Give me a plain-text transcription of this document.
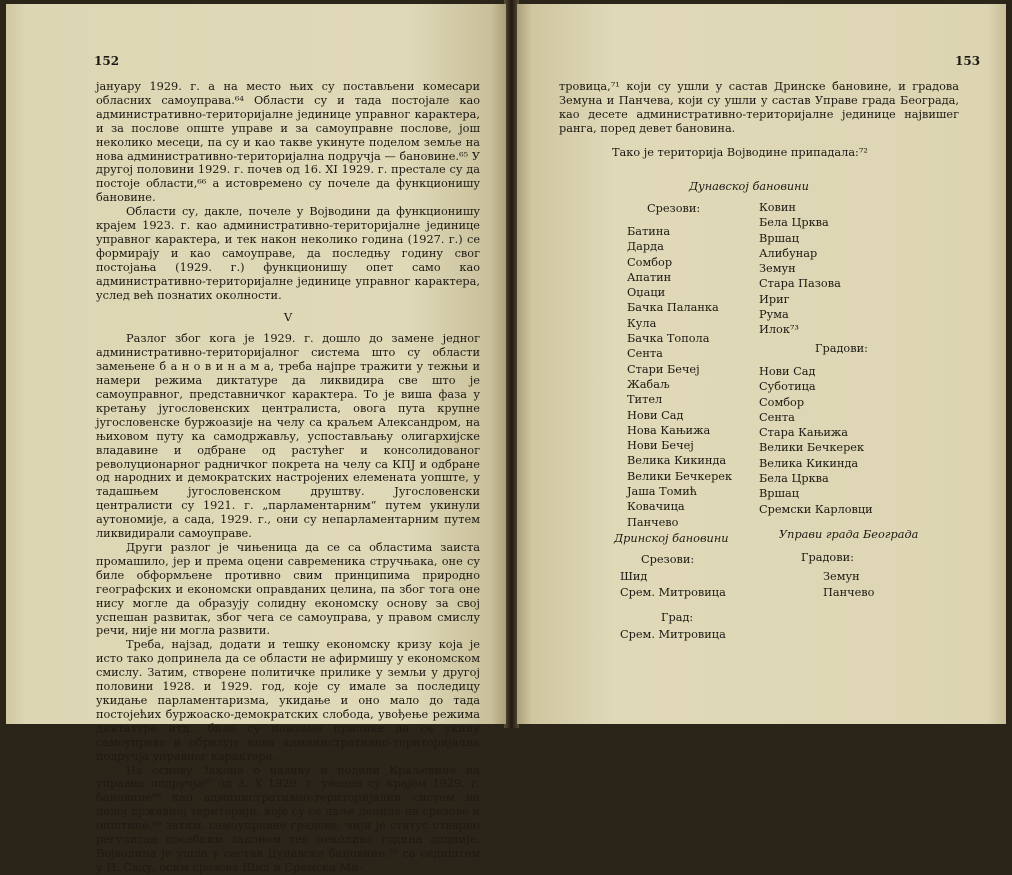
152

јануару 1929. г. а на место њих су постављени комесари обласних самоуправа.⁶⁴ Области су и тада постојале као административно-територијалне јединице управног карактера, и за послове опште управе и за самоуправне послове, још неколико месеци, па су и као такве укинуте поделом земље на нова административно-територијална подручја — бановине.⁶⁵ У другој половини 1929. г. почев од 16. XI 1929. г. престале су да постоје области,⁶⁶ а истовремено су почеле да функционишу бановине.

Области су, дакле, почеле у Војводини да функционишу крајем 1923. г. као административно-територијалне јединице управног карактера, и тек након неколико година (1927. г.) се формирају и као самоуправе, да последњу годину свог постојања (1929. г.) функционишу опет само као административно-територијалне јединице управног карактера, услед већ познатих околности.

V

Разлог због кога је 1929. г. дошло до замене једног административно-територијалног система што су области замењене б а н о в и н а м а, треба најпре тражити у тежњи и намери режима диктатуре да ликвидира све што је самоуправног, представничког карактера. То је виша фаза у кретању југословенских централиста, овога пута крупне југословенске буржоазије на челу са краљем Александром, на њиховом путу ка самодржављу, успостављању олигархијске владавине и одбране од растућег и консолидованог револуционарног радничког покрета на челу са КПЈ и одбране од народних и демократских настројених елемената уопште, у тадашњем југословенском друштву. Југословенски централисти су 1921. г. „парламентарним“ путем укинули аутономије, а сада, 1929. г., они су непарламентарним путем ликвидирали самоуправе.

Други разлог је чињеница да се са областима заиста промашило, јер и према оцени савременика стручњака, оне су биле обформљене противно свим принципима природно географских и економски оправданих целина, па због тога оне нису могле да образују солидну економску основу за свој успешан развитак, због чега се самоуправа, у правом смислу речи, није ни могла развити.

Треба, најзад, додати и тешку економску кризу која је исто тако допринела да се области не афирмишу у економском смислу. Затим, створене политичке прилике у земљи у другој половини 1928. и 1929. год, које су имале за последицу укидање парламентаризма, укидање и оно мало до тада постојећих буржоаско-демократских слобода, увођење режима диктатуре итд., биле су повољне прилике да се укину самоуправе и образују нова административно-територијална подручја управног карактера.

На основу Закона о називу и подели Краљевине на управна подручја⁶⁷ од 3. X 1929. г. уведен су крајем 1929. г. бановине⁶⁸ као административно-територијални систем на целој државној територији, које су се даље делиле на срезове и општине,⁶⁹ затим, самоуправне градове, чији је статус стварно регулисан посебним законом тек неколико година доцније. Војводина је ушла у састав Дунавске бановине,⁷⁰ са седиштем у Н. Саду, осим срезова Шид и Сремска Ми-

153

тровица,⁷¹ који су ушли у састав Дринске бановине, и градова Земуна и Панчева, који су ушли у састав Управе града Београда, као десете административно-територијалне јединице највишег ранга, поред девет бановина.

Тако је територија Војводине припадала:⁷²
Дунавској бановини
Срезови:
Батина
Дарда
Сомбор
Апатин
Оџаци
Бачка Паланка
Кула
Бачка Топола
Сента
Стари Бечеј
Жабаљ
Тител
Нови Сад
Нова Кањижа
Нови Бечеј
Велика Кикинда
Велики Бечкерек
Јаша Томић
Ковачица
Панчево
Ковин
Бела Црква
Вршац
Алибунар
Земун
Стара Пазова
Ириг
Рума
Илок⁷³
Градови:
Нови Сад
Суботица
Сомбор
Сента
Стара Кањижа
Велики Бечкерек
Велика Кикинда
Бела Црква
Вршац
Сремски Карловци
Дринској бановини
Срезови:
Шид
Срем. Митровица
Град:
Срем. Митровица
Управи града Београда
Градови:
Земун
Панчево
